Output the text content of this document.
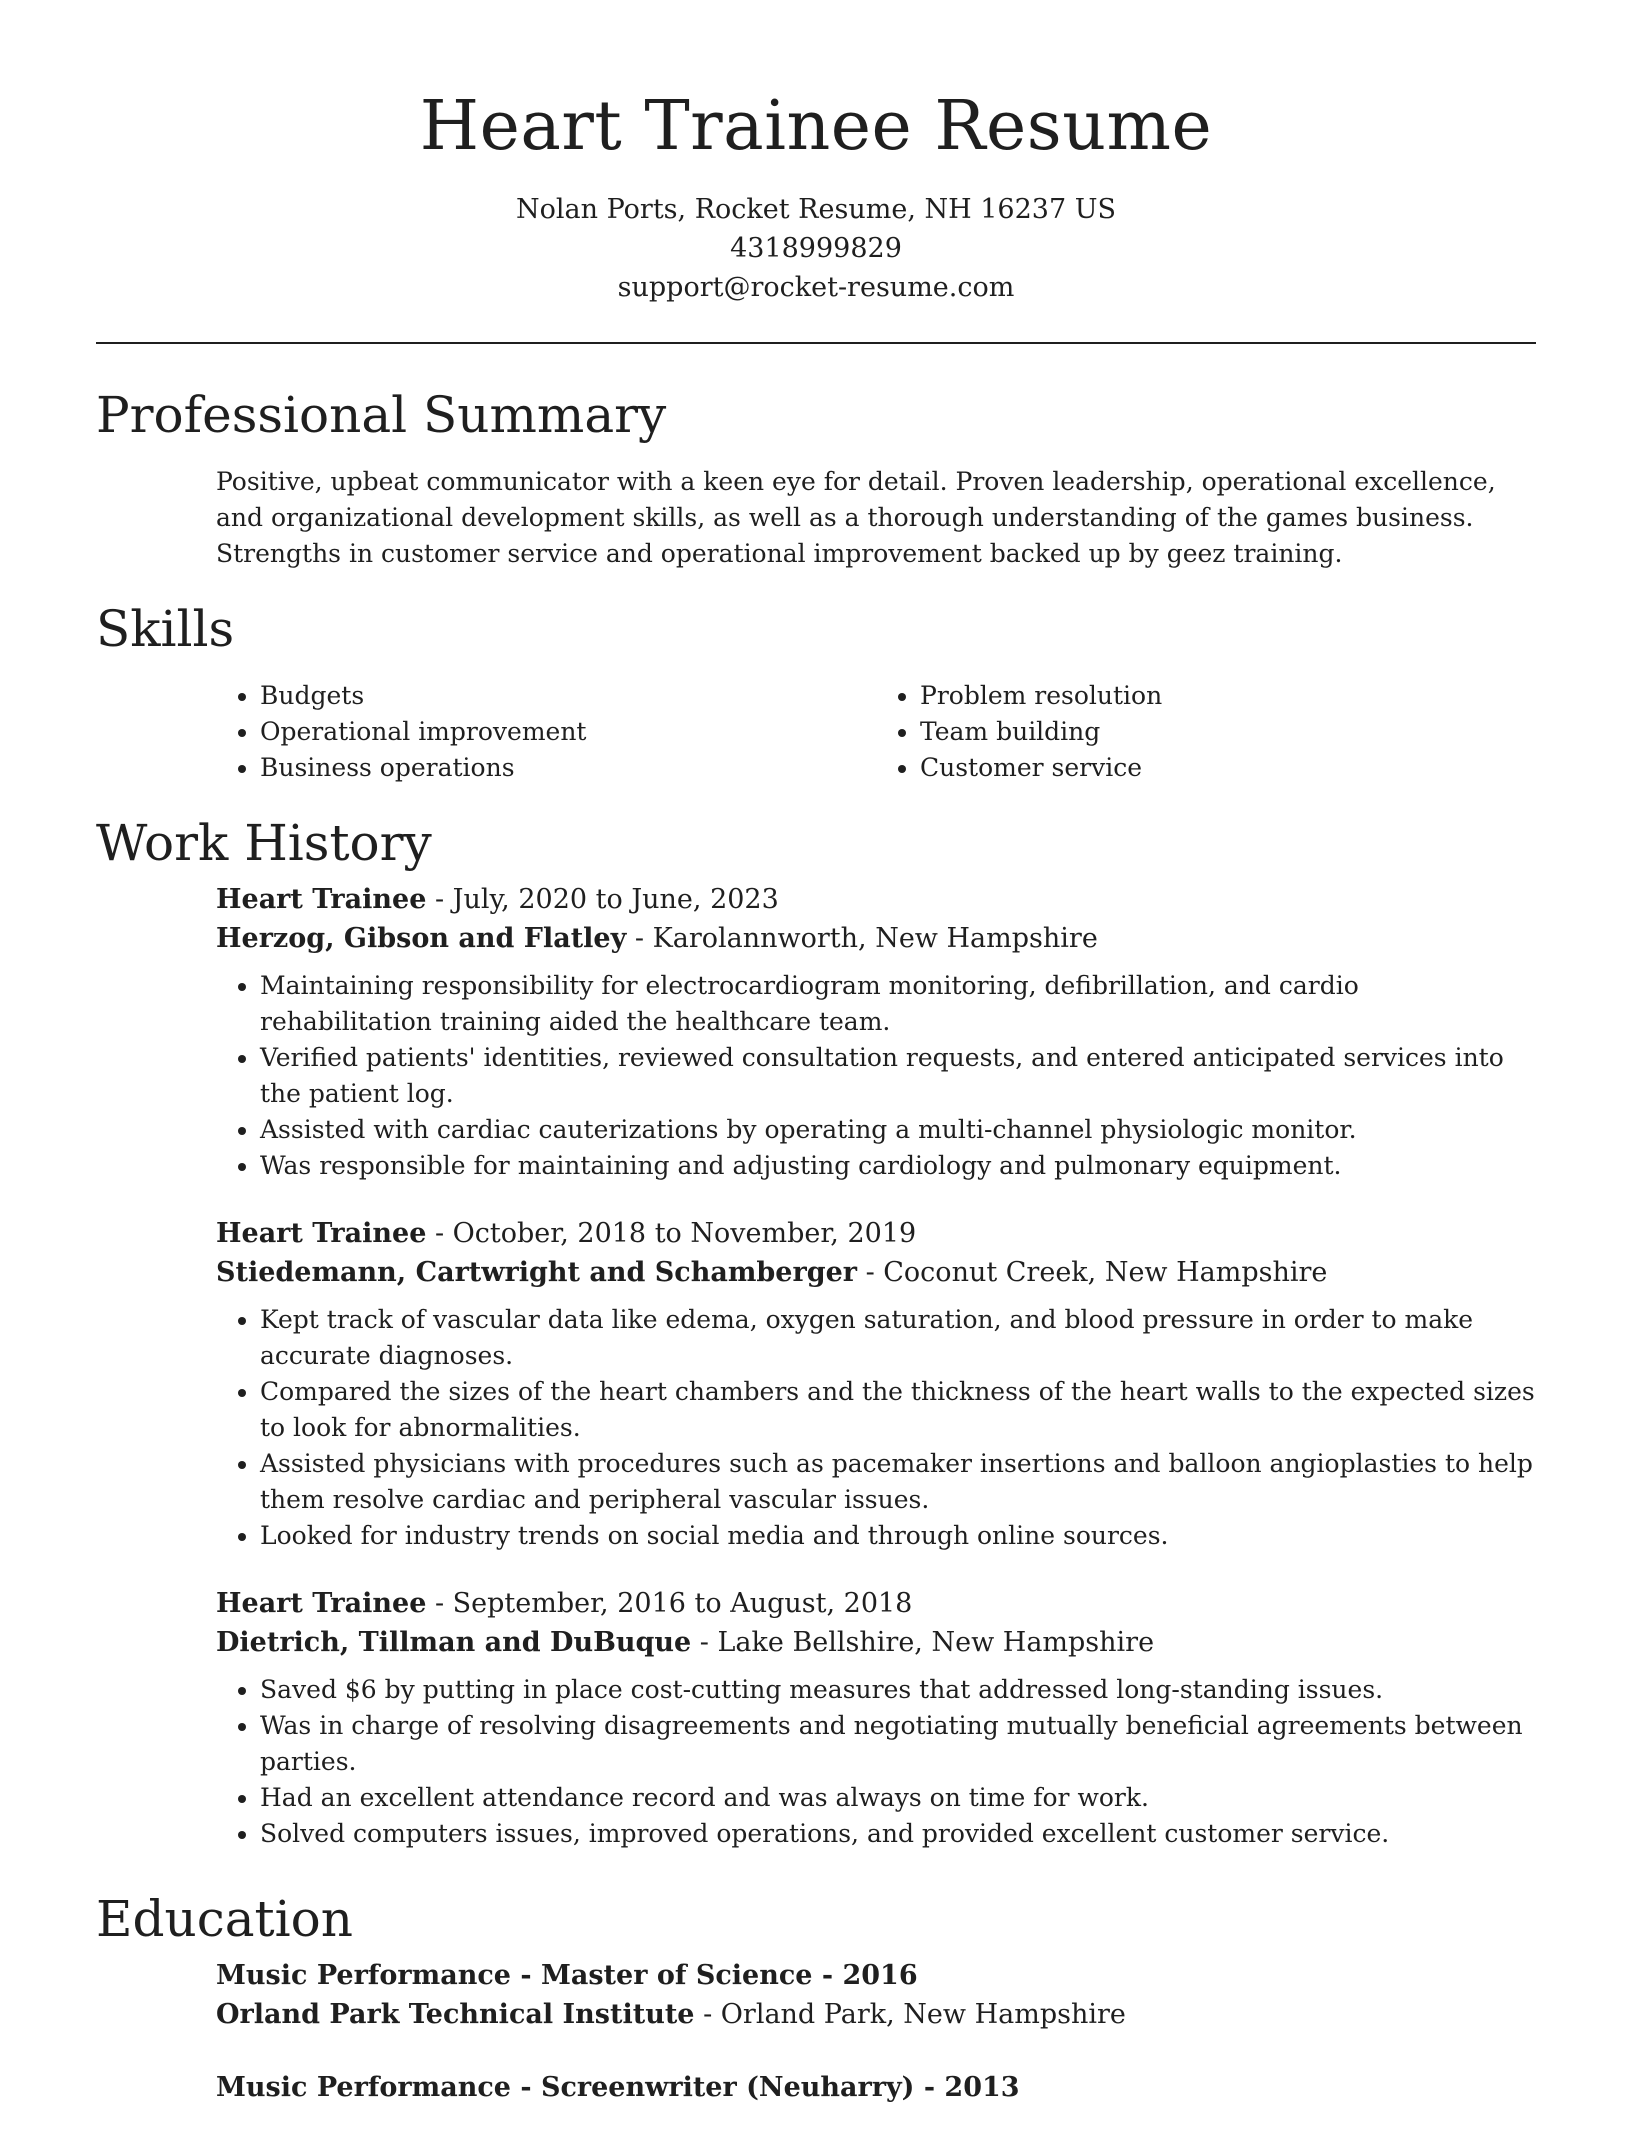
Heart Trainee Resume
Nolan Ports, Rocket Resume, NH 16237 US
4318999829
support@rocket-resume.com
Professional Summary

Positive, upbeat communicator with a keen eye for detail. Proven leadership, operational excellence, and organizational development skills, as well as a thorough understanding of the games business. Strengths in customer service and operational improvement backed up by geez training.

Skills
• Budgets
• Operational improvement
• Business operations
• Problem resolution
• Team building
• Customer service
Work History
Heart Trainee - July, 2020 to June, 2023
Herzog, Gibson and Flatley - Karolannworth, New Hampshire
• Maintaining responsibility for electrocardiogram monitoring, defibrillation, and cardio rehabilitation training aided the healthcare team.
• Verified patients' identities, reviewed consultation requests, and entered anticipated services into the patient log.
• Assisted with cardiac cauterizations by operating a multi-channel physiologic monitor.
• Was responsible for maintaining and adjusting cardiology and pulmonary equipment.
Heart Trainee - October, 2018 to November, 2019
Stiedemann, Cartwright and Schamberger - Coconut Creek, New Hampshire
• Kept track of vascular data like edema, oxygen saturation, and blood pressure in order to make accurate diagnoses.
• Compared the sizes of the heart chambers and the thickness of the heart walls to the expected sizes to look for abnormalities.
• Assisted physicians with procedures such as pacemaker insertions and balloon angioplasties to help them resolve cardiac and peripheral vascular issues.
• Looked for industry trends on social media and through online sources.
Heart Trainee - September, 2016 to August, 2018
Dietrich, Tillman and DuBuque - Lake Bellshire, New Hampshire
• Saved $6 by putting in place cost-cutting measures that addressed long-standing issues.
• Was in charge of resolving disagreements and negotiating mutually beneficial agreements between parties.
• Had an excellent attendance record and was always on time for work.
• Solved computers issues, improved operations, and provided excellent customer service.
Education
Music Performance - Master of Science - 2016
Orland Park Technical Institute - Orland Park, New Hampshire
Music Performance - Screenwriter (Neuharry) - 2013
